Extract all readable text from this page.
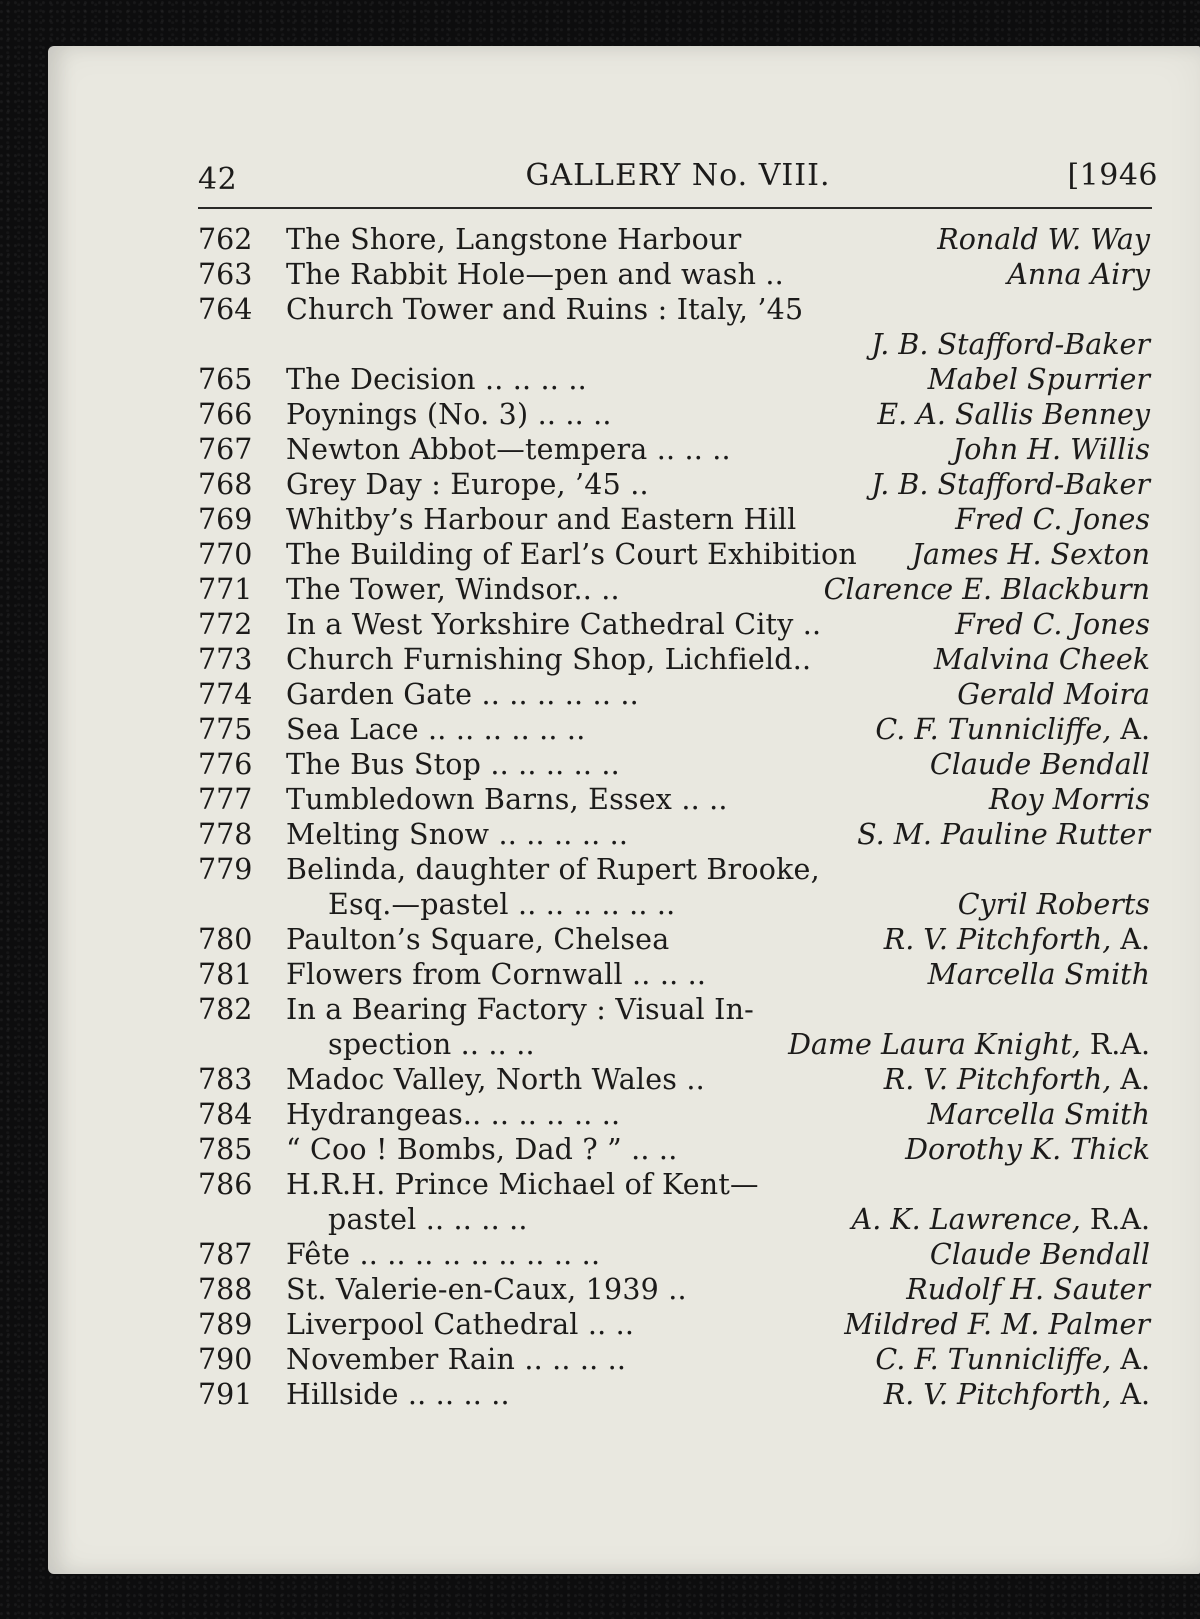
42	GALLERY No. VIII.	[1946
762	The Shore, Langstone Harbour	Ronald W. Way
763	The Rabbit Hole—pen and wash ..	Anna Airy
764	Church Tower and Ruins : Italy, ’45
J. B. Stafford-Baker
765	The Decision .. .. .. ..	Mabel Spurrier
766	Poynings (No. 3) .. .. ..	E. A. Sallis Benney
767	Newton Abbot—tempera .. .. ..	John H. Willis
768	Grey Day : Europe, ’45 ..	J. B. Stafford-Baker
769	Whitby’s Harbour and Eastern Hill	Fred C. Jones
770	The Building of Earl’s Court Exhibition James H. Sexton
771	The Tower, Windsor.. ..	Clarence E. Blackburn
772	In a West Yorkshire Cathedral City ..	Fred C. Jones
773	Church Furnishing Shop, Lichfield..	Malvina Cheek
774	Garden Gate .. .. .. .. .. ..	Gerald Moira
775	Sea Lace .. .. .. .. .. ..	C. F. Tunnicliffe, A.
776	The Bus Stop .. .. .. .. ..	Claude Bendall
777	Tumbledown Barns, Essex .. ..	Roy Morris
778	Melting Snow .. .. .. .. ..	S. M. Pauline Rutter
779	Belinda, daughter of Rupert Brooke,
Esq.—pastel .. .. .. .. .. ..	Cyril Roberts
780	Paulton’s Square, Chelsea	R. V. Pitchforth, A.
781	Flowers from Cornwall .. .. ..	Marcella Smith
782	In a Bearing Factory : Visual In-
spection .. .. ..	Dame Laura Knight, R.A.
783	Madoc Valley, North Wales ..	R. V. Pitchforth, A.
784	Hydrangeas.. .. .. .. .. ..	Marcella Smith
785	“ Coo ! Bombs, Dad ? ” .. ..	Dorothy K. Thick
786	H.R.H. Prince Michael of Kent—
pastel .. .. .. ..	A. K. Lawrence, R.A.
787	Fête .. .. .. .. .. .. .. .. ..	Claude Bendall
788	St. Valerie-en-Caux, 1939 ..	Rudolf H. Sauter
789	Liverpool Cathedral .. ..	Mildred F. M. Palmer
790	November Rain .. .. .. ..	C. F. Tunnicliffe, A.
791	Hillside .. .. .. ..	R. V. Pitchforth, A.
